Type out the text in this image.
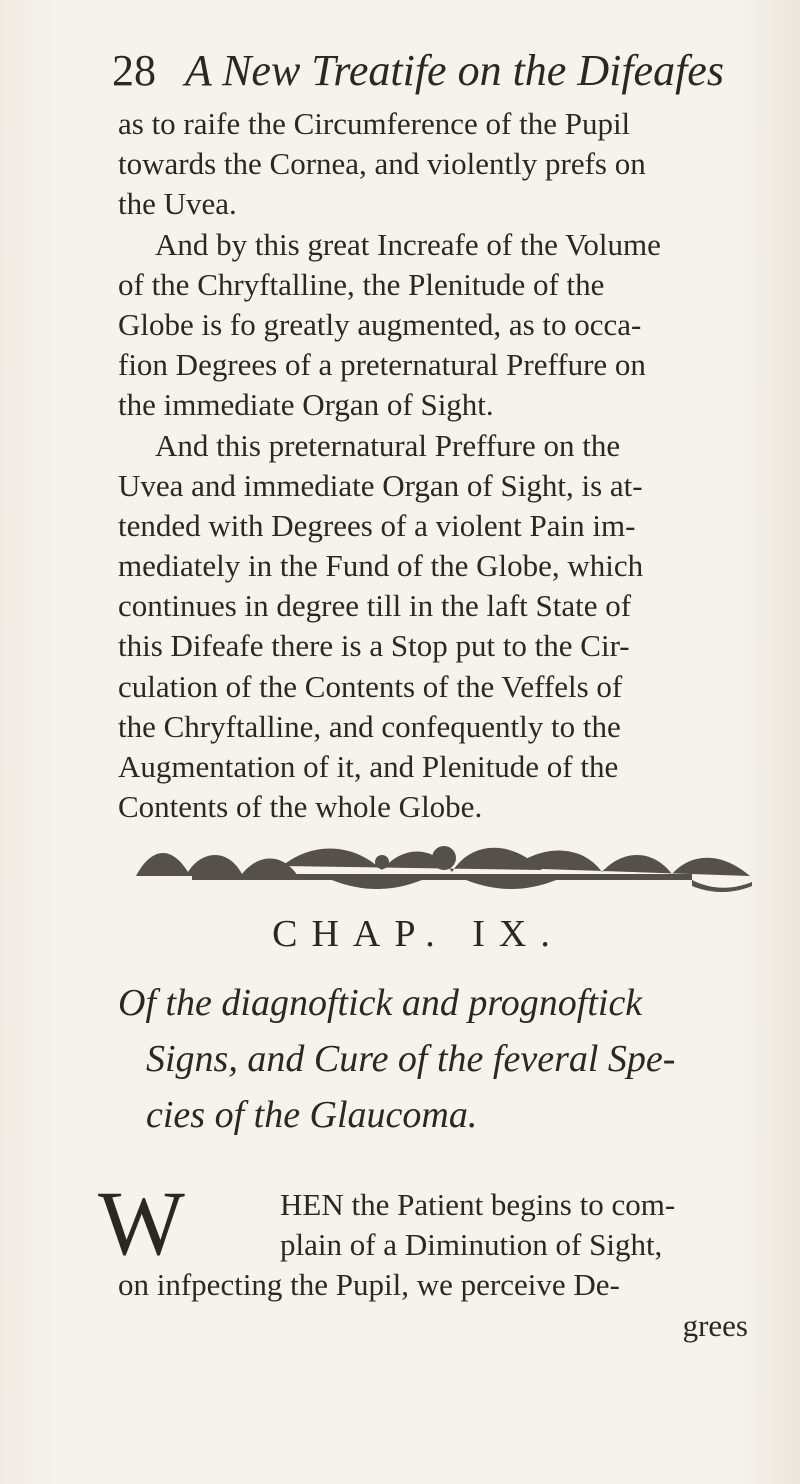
28 A New Treatife on the Difeafes
as to raife the Circumference of the Pupil
towards the Cornea, and violently prefs on
the Uvea.
And by this great Increafe of the Volume
of the Chryftalline, the Plenitude of the
Globe is fo greatly augmented, as to occa-
fion Degrees of a preternatural Preffure on
the immediate Organ of Sight.
And this preternatural Preffure on the
Uvea and immediate Organ of Sight, is at-
tended with Degrees of a violent Pain im-
mediately in the Fund of the Globe, which
continues in degree till in the laft State of
this Difeafe there is a Stop put to the Cir-
culation of the Contents of the Veffels of
the Chryftalline, and confequently to the
Augmentation of it, and Plenitude of the
Contents of the whole Globe.
CHAP. IX.
Of the diagnoftick and prognoftick
Signs, and Cure of the feveral Spe-
cies of the Glaucoma.
W	HEN the Patient begins to com-
plain of a Diminution of Sight,
on infpecting the Pupil, we perceive De-
grees
